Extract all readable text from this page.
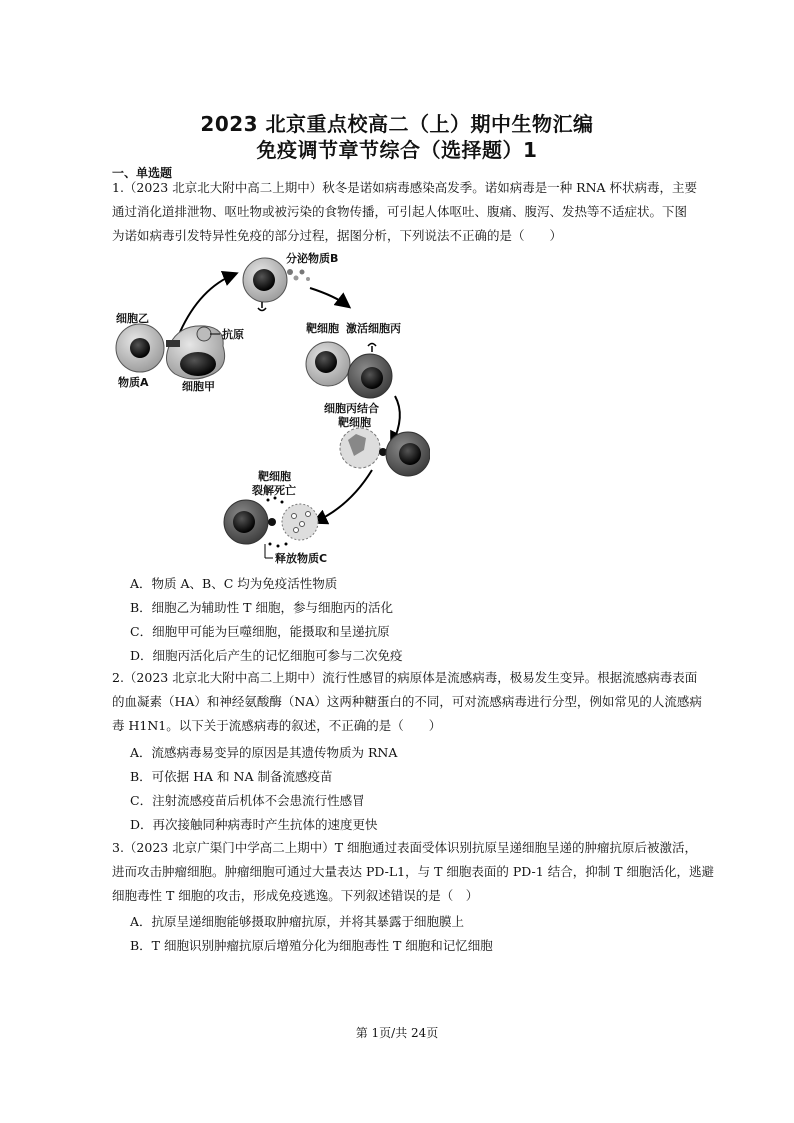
2023 北京重点校高二（上）期中生物汇编
免疫调节章节综合（选择题）1
一、单选题
1.（2023 北京北大附中高二上期中）秋冬是诺如病毒感染高发季。诺如病毒是一种 RNA 杯状病毒，主要
通过消化道排泄物、呕吐物或被污染的食物传播，可引起人体呕吐、腹痛、腹泻、发热等不适症状。下图
为诺如病毒引发特异性免疫的部分过程，据图分析，下列说法不正确的是（　　）
分泌物质B
细胞乙
物质A
抗原
细胞甲
靶细胞 激活细胞丙
细胞丙结合
靶细胞
靶细胞
裂解死亡
释放物质C
A．物质 A、B、C 均为免疫活性物质
B．细胞乙为辅助性 T 细胞，参与细胞丙的活化
C．细胞甲可能为巨噬细胞，能摄取和呈递抗原
D．细胞丙活化后产生的记忆细胞可参与二次免疫
2.（2023 北京北大附中高二上期中）流行性感冒的病原体是流感病毒，极易发生变异。根据流感病毒表面
的血凝素（HA）和神经氨酸酶（NA）这两种糖蛋白的不同，可对流感病毒进行分型，例如常见的人流感病
毒 H1N1。以下关于流感病毒的叙述，不正确的是（　　）
A．流感病毒易变异的原因是其遗传物质为 RNA
B．可依据 HA 和 NA 制备流感疫苗
C．注射流感疫苗后机体不会患流行性感冒
D．再次接触同种病毒时产生抗体的速度更快
3.（2023 北京广渠门中学高二上期中）T 细胞通过表面受体识别抗原呈递细胞呈递的肿瘤抗原后被激活，
进而攻击肿瘤细胞。肿瘤细胞可通过大量表达 PD-L1，与 T 细胞表面的 PD-1 结合，抑制 T 细胞活化，逃避
细胞毒性 T 细胞的攻击，形成免疫逃逸。下列叙述错误的是（　）
A．抗原呈递细胞能够摄取肿瘤抗原，并将其暴露于细胞膜上
B．T 细胞识别肿瘤抗原后增殖分化为细胞毒性 T 细胞和记忆细胞
第 1页/共 24页
